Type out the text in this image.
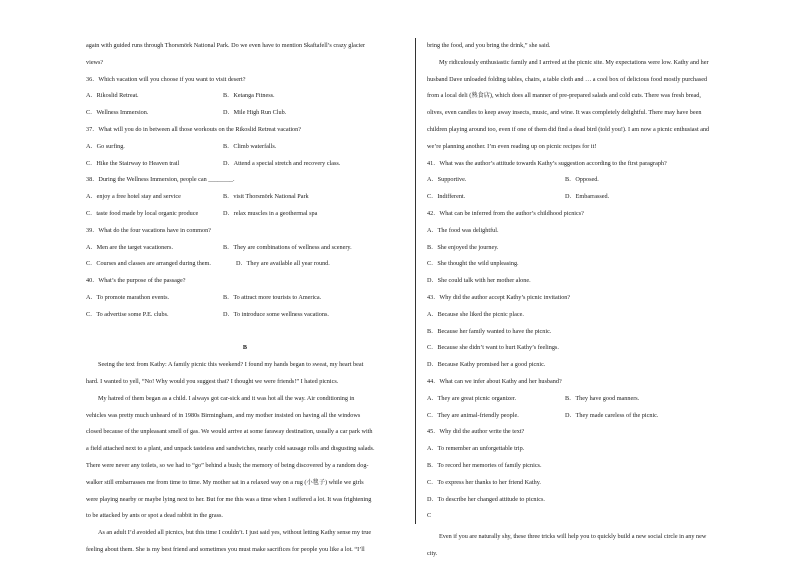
again with guided runs through Thorsmörk National Park. Do we even have to mention Skaftafell’s crazy glacier
views?
36．Which vacation will you choose if you want to visit desert?
A．Rikoslid Retreat.	B．Ketanga Fitness.
C．Wellness Immersion.	D．Mile High Run Club.
37．What will you do in between all those workouts on the Rikoslid Retreat vacation?
A．Go surfing.	B．Climb waterfalls.
C．Hike the Stairway to Heaven trail	D．Attend a special stretch and recovery class.
38．During the Wellness Immersion, people can ________.
A．enjoy a free hotel stay and service	B．visit Thorsmörk National Park
C．taste food made by local organic produce	D．relax muscles in a geothermal spa
39．What do the four vacations have in common?
A．Men are the target vacationers.	B．They are combinations of wellness and scenery.
C．Courses and classes are arranged during them.	D．They are available all year round.
40．What’s the purpose of the passage?
A．To promote marathon events.	B．To attract more tourists to America.
C．To advertise some P.E. clubs.	D．To introduce some wellness vacations.
B
Seeing the text from Kathy: A family picnic this weekend? I found my hands began to sweat, my heart beat
hard. I wanted to yell, “No! Why would you suggest that? I thought we were friends!” I hated picnics.
My hatred of them began as a child. I always got car-sick and it was hot all the way. Air conditioning in
vehicles was pretty much unheard of in 1980s Birmingham, and my mother insisted on having all the windows
closed because of the unpleasant smell of gas. We would arrive at some faraway destination, usually a car park with
a field attached next to a plant, and unpack tasteless and sandwiches, nearly cold sausage rolls and disgusting salads.
There were never any toilets, so we had to “go” behind a bush; the memory of being discovered by a random dog-
walker still embarrasses me from time to time. My mother sat in a relaxed way on a rug (小毯子) while we girls
were playing nearby or maybe lying next to her. But for me this was a time when I suffered a lot. It was frightening
to be attacked by ants or spot a dead rabbit in the grass.
As an adult I’d avoided all picnics, but this time I couldn’t. I just said yes, without letting Kathy sense my true
feeling about them. She is my best friend and sometimes you must make sacrifices for people you like a lot. “I’ll
bring the food, and you bring the drink,” she said.
My ridiculously enthusiastic family and I arrived at the picnic site. My expectations were low. Kathy and her
husband Dave unloaded folding tables, chairs, a table cloth and … a cool box of delicious food mostly purchased
from a local deli (熟食店), which does all manner of pre-prepared salads and cold cuts. There was fresh bread,
olives, even candles to keep away insects, music, and wine. It was completely delightful. There may have been
children playing around too, even if one of them did find a dead bird (told you!). I am now a picnic enthusiast and
we’re planning another. I’m even reading up on picnic recipes for it!
41．What was the author’s attitude towards Kathy’s suggestion according to the first paragraph?
A．Supportive.	B．Opposed.
C．Indifferent.	D．Embarrassed.
42．What can be inferred from the author’s childhood picnics?
A．The food was delightful.
B．She enjoyed the journey.
C．She thought the wild unpleasing.
D．She could talk with her mother alone.
43．Why did the author accept Kathy’s picnic invitation?
A．Because she liked the picnic place.
B．Because her family wanted to have the picnic.
C．Because she didn’t want to hurt Kathy’s feelings.
D．Because Kathy promised her a good picnic.
44．What can we infer about Kathy and her husband?
A．They are great picnic organizer.	B．They have good manners.
C．They are animal-friendly people.	D．They made careless of the picnic.
45．Why did the author write the text?
A．To remember an unforgettable trip.
B．To record her memories of family picnics.
C．To express her thanks to her friend Kathy.
D．To describe her changed attitude to picnics.
C
Even if you are naturally shy, these three tricks will help you to quickly build a new social circle in any new
city.
